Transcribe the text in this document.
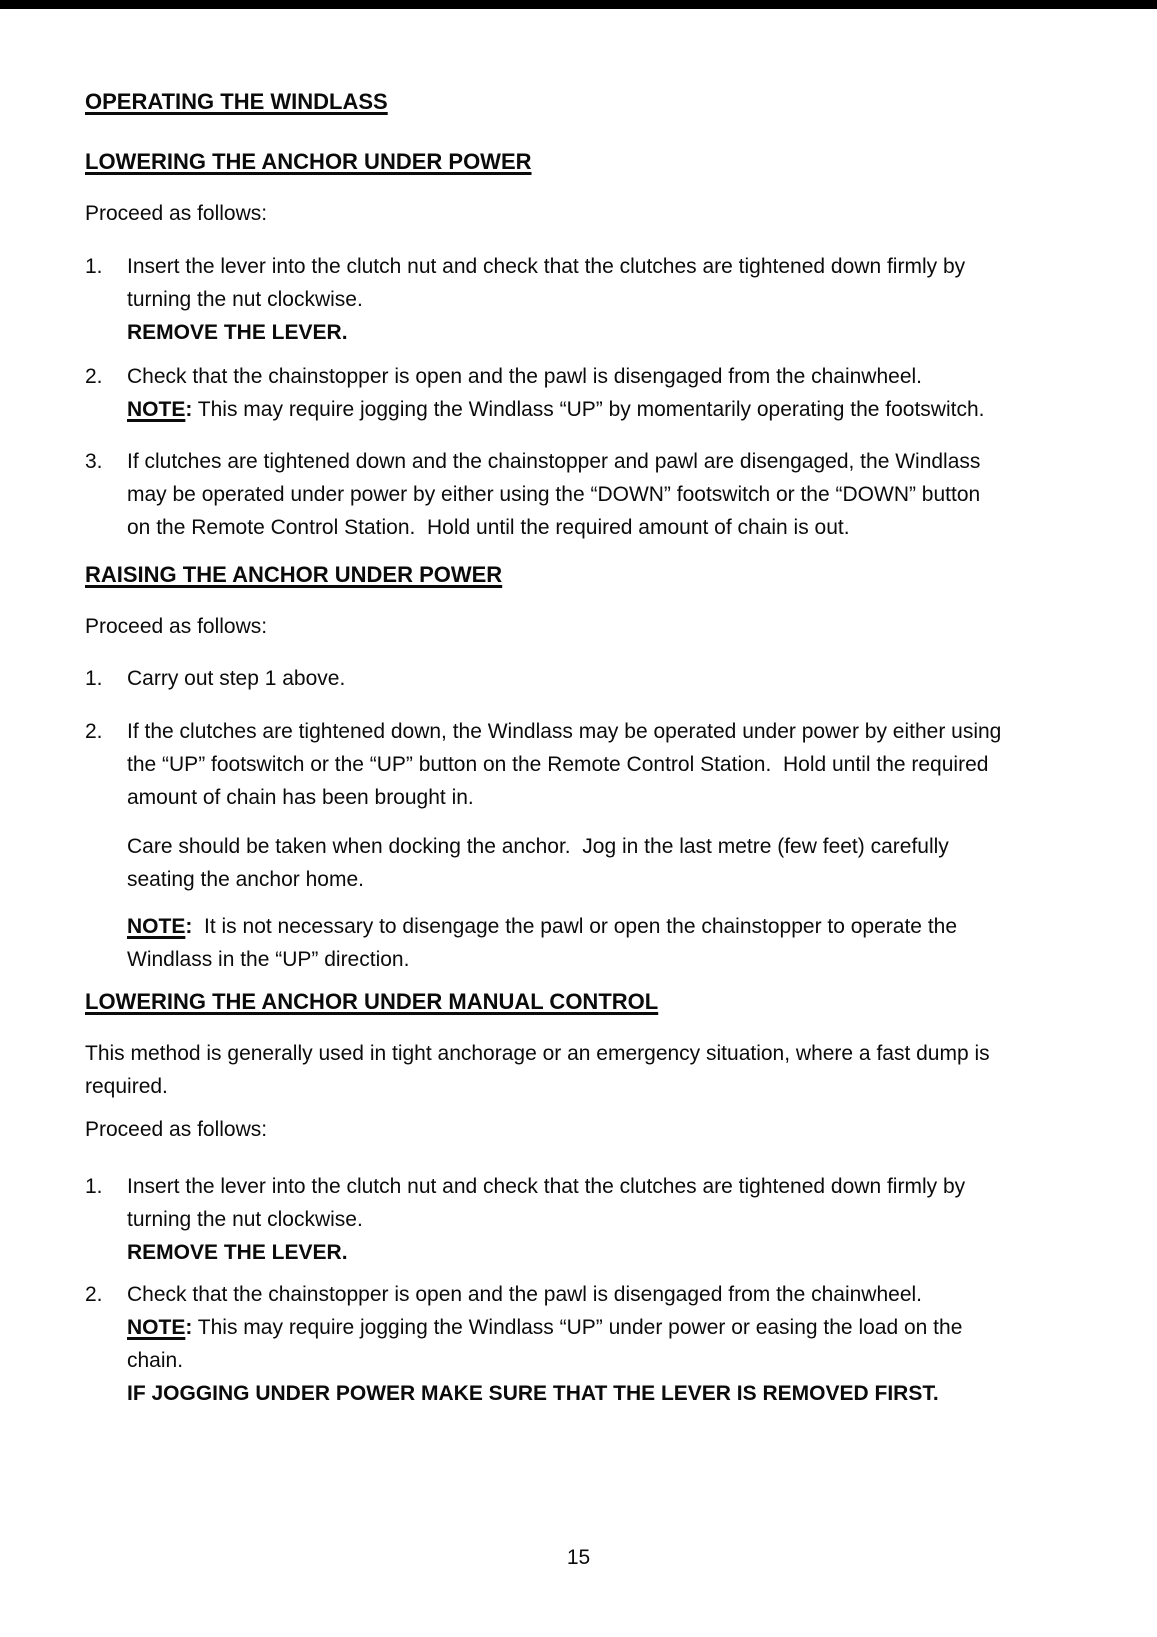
OPERATING THE WINDLASS
LOWERING THE ANCHOR UNDER POWER
Proceed as follows:
1. Insert the lever into the clutch nut and check that the clutches are tightened down firmly by
turning the nut clockwise.
REMOVE THE LEVER.
2. Check that the chainstopper is open and the pawl is disengaged from the chainwheel.
NOTE: This may require jogging the Windlass “UP” by momentarily operating the footswitch.
3. If clutches are tightened down and the chainstopper and pawl are disengaged, the Windlass
may be operated under power by either using the “DOWN” footswitch or the “DOWN” button
on the Remote Control Station.  Hold until the required amount of chain is out.
RAISING THE ANCHOR UNDER POWER
Proceed as follows:
1. Carry out step 1 above.
2. If the clutches are tightened down, the Windlass may be operated under power by either using
the “UP” footswitch or the “UP” button on the Remote Control Station.  Hold until the required
amount of chain has been brought in.
Care should be taken when docking the anchor.  Jog in the last metre (few feet) carefully
seating the anchor home.
NOTE:  It is not necessary to disengage the pawl or open the chainstopper to operate the
Windlass in the “UP” direction.
LOWERING THE ANCHOR UNDER MANUAL CONTROL
This method is generally used in tight anchorage or an emergency situation, where a fast dump is
required.
Proceed as follows:
1. Insert the lever into the clutch nut and check that the clutches are tightened down firmly by
turning the nut clockwise.
REMOVE THE LEVER.
2. Check that the chainstopper is open and the pawl is disengaged from the chainwheel.
NOTE: This may require jogging the Windlass “UP” under power or easing the load on the
chain.
IF JOGGING UNDER POWER MAKE SURE THAT THE LEVER IS REMOVED FIRST.
15
